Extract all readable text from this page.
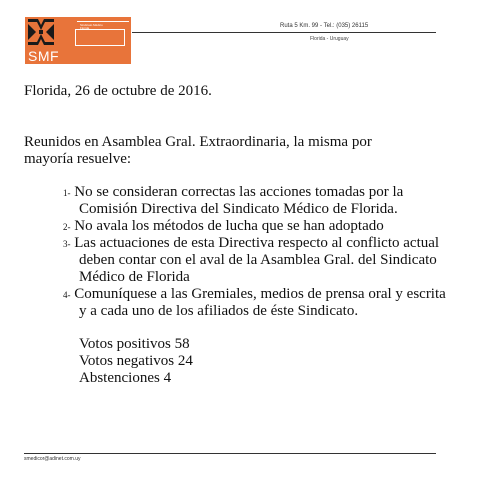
Sindicato Médico
Florida
SMF
Ruta 5 Km. 99 - Tel.: (035) 26115
Florida - Uruguay
Florida, 26 de octubre de 2016.
Reunidos en Asamblea Gral. Extraordinaria, la misma por
mayoría resuelve:
1- No se consideran correctas las acciones tomadas por la
Comisión Directiva del Sindicato Médico de Florida.
2- No avala los métodos de lucha que se han adoptado
3- Las actuaciones de esta Directiva respecto al conflicto actual
deben contar con el aval de la Asamblea Gral. del Sindicato
Médico de Florida
4- Comuníquese a las Gremiales, medios de prensa oral y escrita
y a cada uno de los afiliados de éste Sindicato.
Votos positivos 58
Votos negativos 24
Abstenciones 4
smedicor@adinet.com.uy
